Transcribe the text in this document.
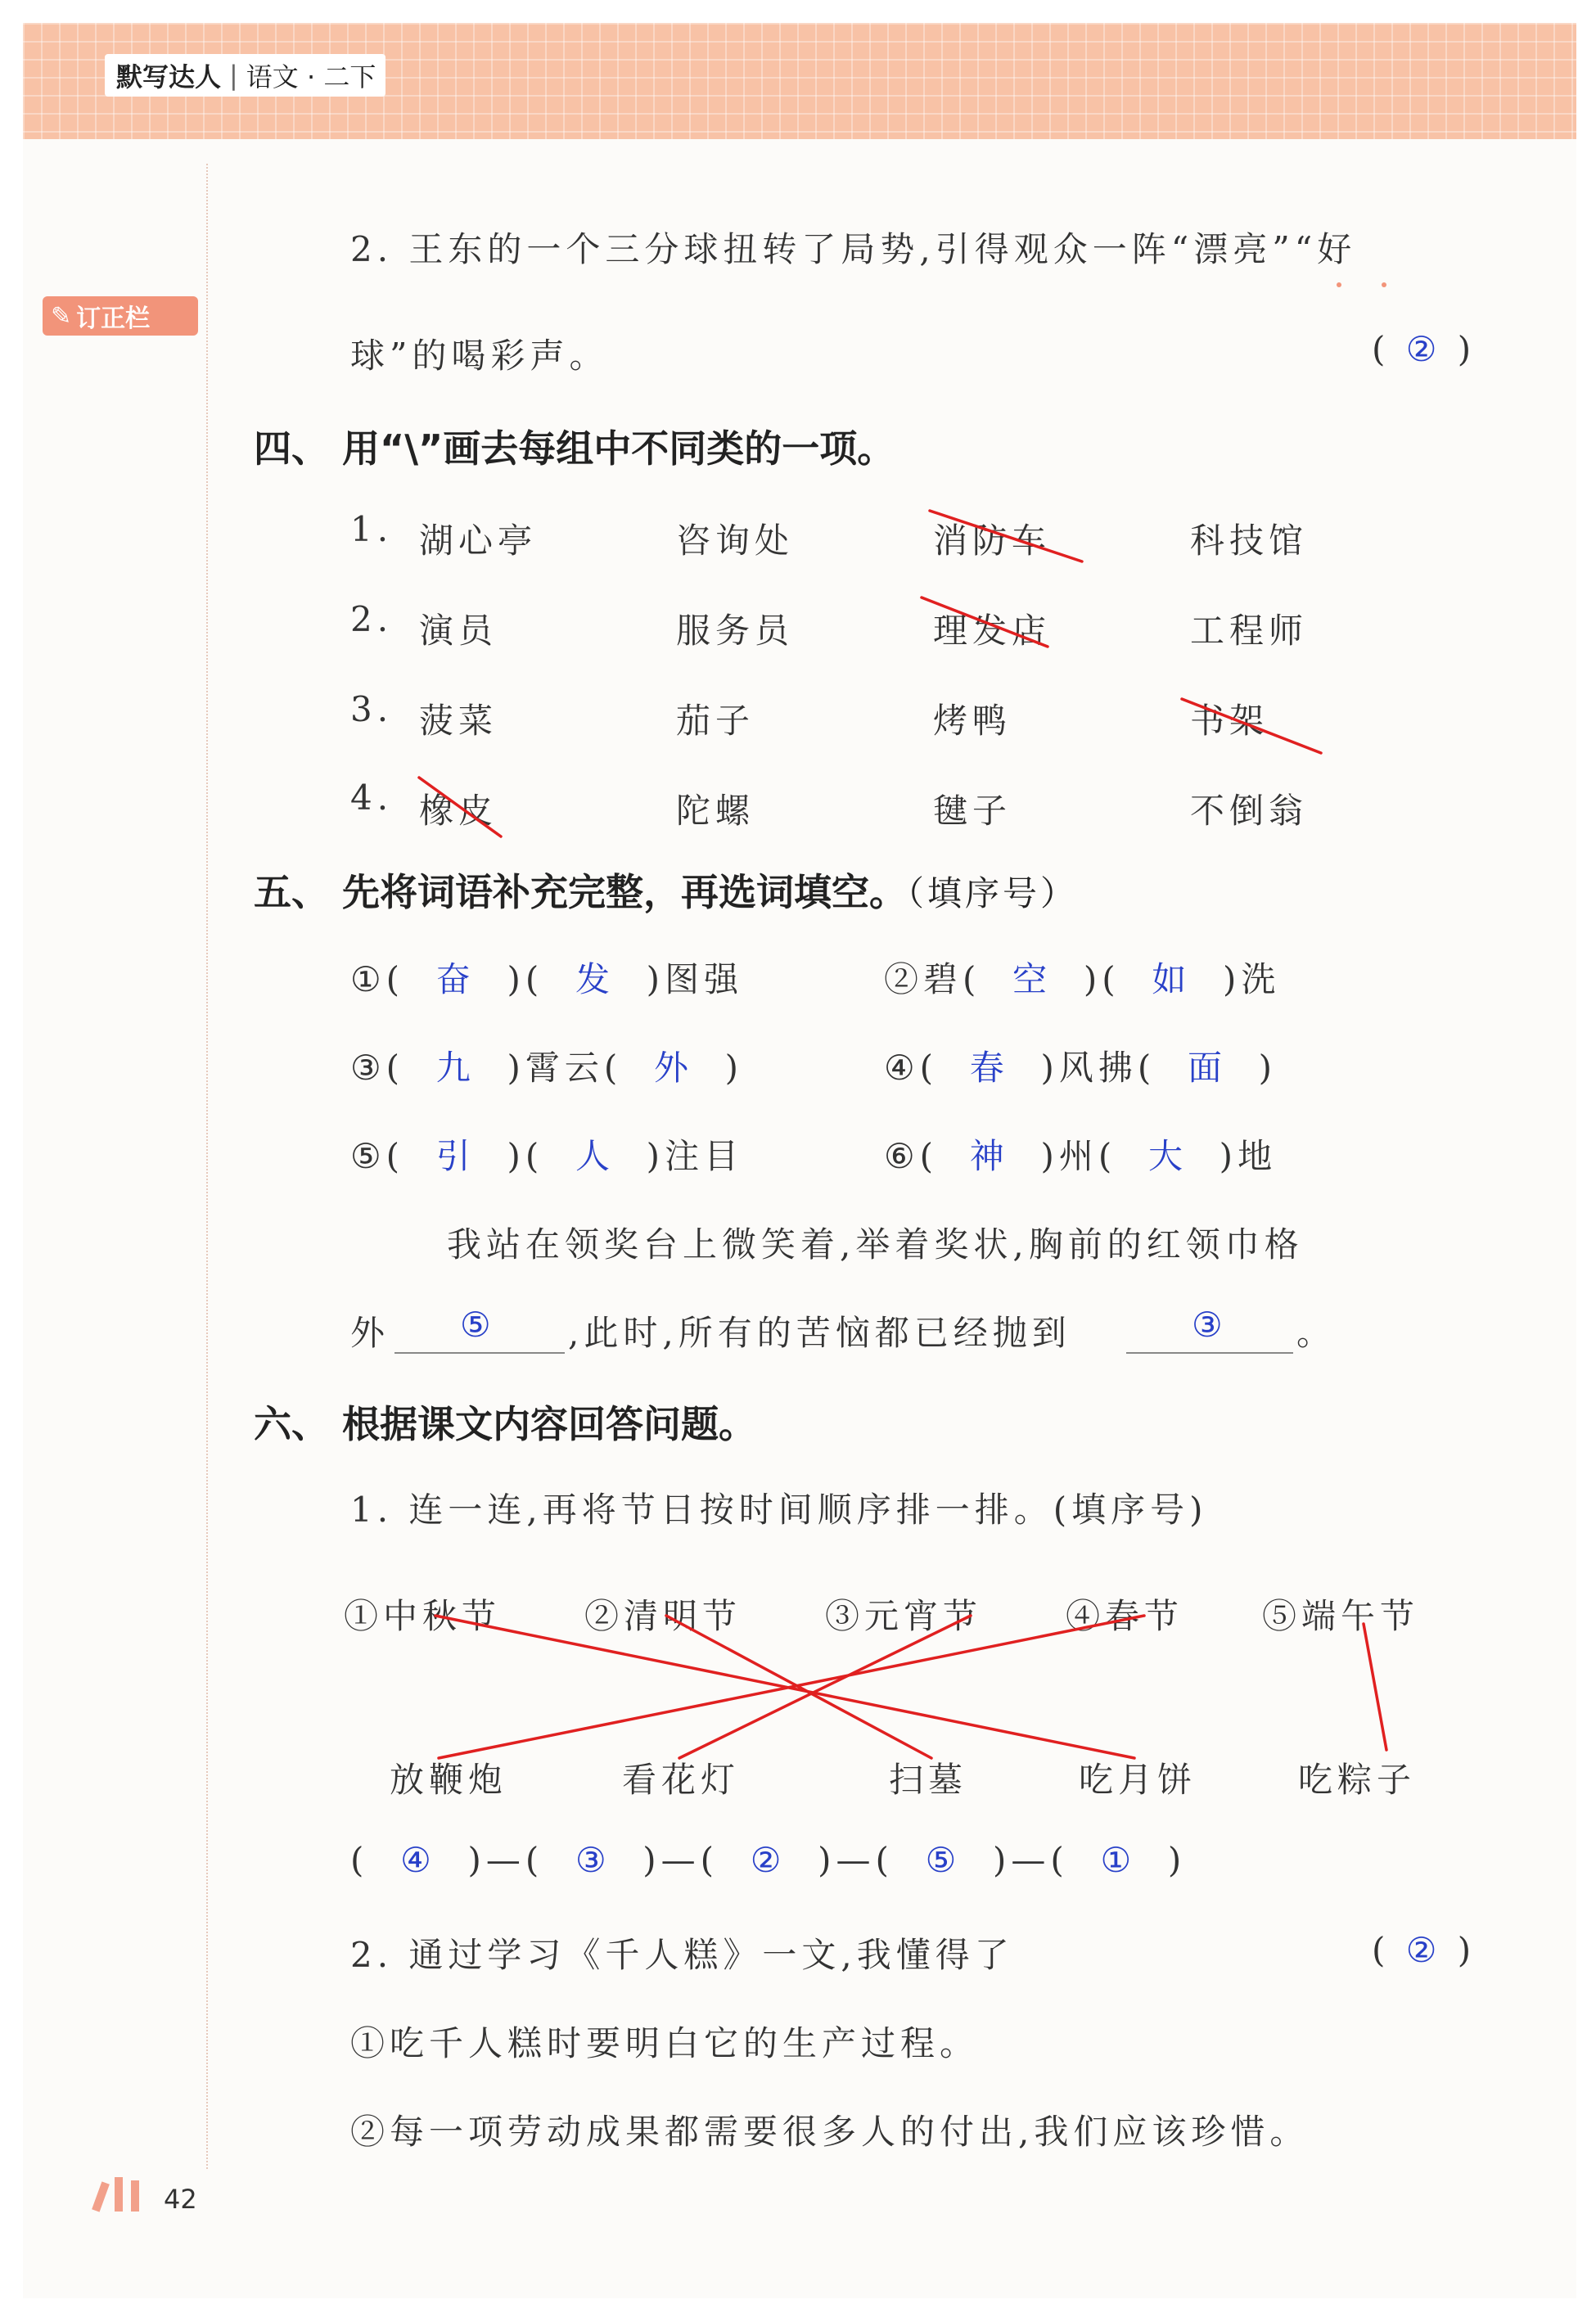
默写达人 | 语文 · 二下
✎ 订正栏
2. 王东的一个三分球扭转了局势,引得观众一阵“漂亮”“好
球”的喝彩声。	( ② )
四、 用“\”画去每组中不同类的一项。
1. 湖心亭	咨询处	消防车	科技馆
2. 演员	服务员	理发店	工程师
3. 菠菜	茄子	烤鸭	书架
4. 橡皮	陀螺	毽子	不倒翁
五、 先将词语补充完整，再选词填空。（填序号）
①(  奋  )(  发  )图强	②碧(  空  )(  如  )洗
③(  九  )霄云(  外  )	④(  春  )风拂(  面  )
⑤(  引  )(  人  )注目	⑥(  神  )州(  大  )地
我站在领奖台上微笑着,举着奖状,胸前的红领巾格
外 ⑤ ,此时,所有的苦恼都已经抛到	③ 。
六、 根据课文内容回答问题。
1. 连一连,再将节日按时间顺序排一排。(填序号)
①中秋节 ②清明节 ③元宵节 ④春节 ⑤端午节
放鞭炮	看花灯	扫墓	吃月饼	吃粽子
(  ④  )—(  ③  )—(  ②  )—(  ⑤  )—(  ①  )
2. 通过学习《千人糕》一文,我懂得了	( ② )
①吃千人糕时要明白它的生产过程。
②每一项劳动成果都需要很多人的付出,我们应该珍惜。
42
